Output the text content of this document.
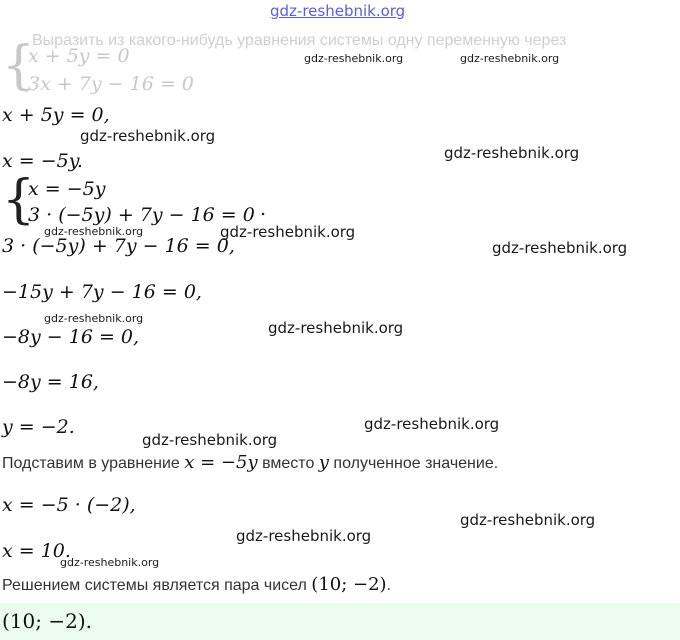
gdz-reshebnik.org
Выразить из какого-нибудь уравнения системы одну переменную через
{
x + 5y = 0
3x + 7y − 16 = 0
gdz-reshebnik.org	gdz-reshebnik.org
x + 5y = 0,
gdz-reshebnik.org
x = −5y.	gdz-reshebnik.org
{
x = −5y
3 · (−5y) + 7y − 16 = 0 .
gdz-reshebnik.org
3 · (−5y) + 7y − 16 = 0,
gdz-reshebnik.org
gdz-reshebnik.org
−15y + 7y − 16 = 0,
gdz-reshebnik.org
−8y − 16 = 0,	gdz-reshebnik.org
−8y = 16,
y = −2.	gdz-reshebnik.org
gdz-reshebnik.org
Подставим в уравнение x = −5y вместо y полученное значение.
x = −5 · (−2),
gdz-reshebnik.org
gdz-reshebnik.org
x = 10.
gdz-reshebnik.org
Решением системы является пара чисел (10; −2).
(10; −2).
